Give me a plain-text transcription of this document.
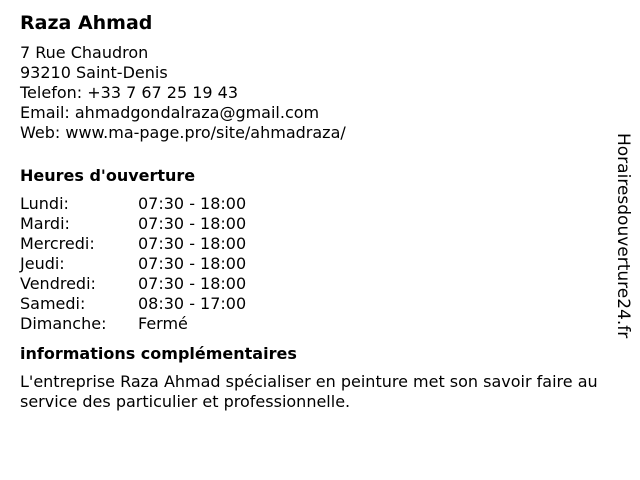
Raza Ahmad
7 Rue Chaudron
93210 Saint-Denis
Telefon: +33 7 67 25 19 43
Email: ahmadgondalraza@gmail.com
Web: www.ma-page.pro/site/ahmadraza/
Heures d'ouverture
Lundi:	07:30 - 18:00
Mardi:	07:30 - 18:00
Mercredi:	07:30 - 18:00
Jeudi:	07:30 - 18:00
Vendredi:	07:30 - 18:00
Samedi:	08:30 - 17:00
Dimanche:	Fermé
informations complémentaires
L'entreprise Raza Ahmad spécialiser en peinture met son savoir faire au service des particulier et professionnelle.
Horairesdouverture24.fr
